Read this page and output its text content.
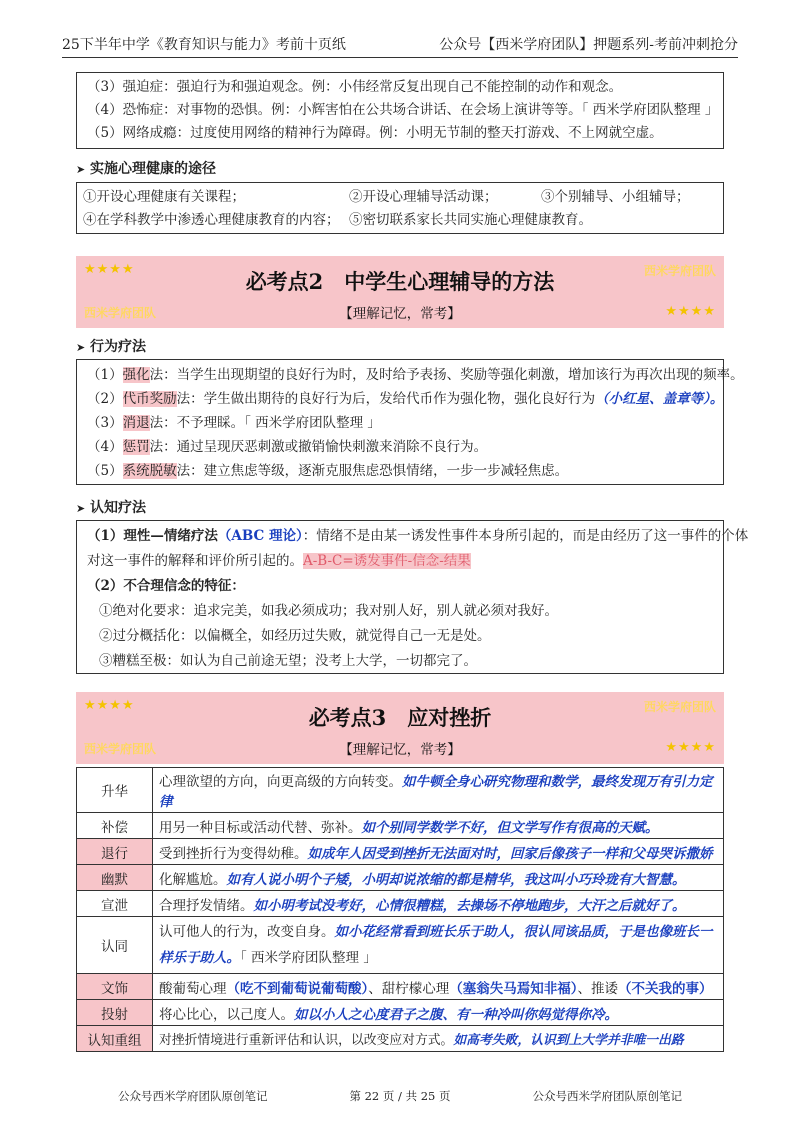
25下半年中学《教育知识与能力》考前十页纸	公众号【西米学府团队】押题系列-考前冲刺抢分
（3）强迫症：强迫行为和强迫观念。例：小伟经常反复出现自己不能控制的动作和观念。
（4）恐怖症：对事物的恐惧。例：小辉害怕在公共场合讲话、在会场上演讲等等。「 西米学府团队整理 」
（5）网络成瘾：过度使用网络的精神行为障碍。例：小明无节制的整天打游戏、不上网就空虚。
➤ 实施心理健康的途径
①开设心理健康有关课程；	②开设心理辅导活动课；	③个别辅导、小组辅导；
④在学科教学中渗透心理健康教育的内容； ⑤密切联系家长共同实施心理健康教育。
★★★★	西米学府团队
必考点2　中学生心理辅导的方法
【理解记忆，常考】
西米学府团队	★★★★
➤ 行为疗法
（1）强化法：当学生出现期望的良好行为时，及时给予表扬、奖励等强化刺激，增加该行为再次出现的频率。
（2）代币奖励法：学生做出期待的良好行为后，发给代币作为强化物，强化良好行为（小红星、盖章等）。
（3）消退法：不予理睬。「 西米学府团队整理 」
（4）惩罚法：通过呈现厌恶刺激或撤销愉快刺激来消除不良行为。
（5）系统脱敏法：建立焦虑等级，逐渐克服焦虑恐惧情绪，一步一步减轻焦虑。
➤ 认知疗法
（1）理性—情绪疗法（ABC 理论）：情绪不是由某一诱发性事件本身所引起的，而是由经历了这一事件的个体
对这一事件的解释和评价所引起的。A-B-C=诱发事件-信念-结果
（2）不合理信念的特征：
①绝对化要求：追求完美，如我必须成功；我对别人好，别人就必须对我好。
②过分概括化：以偏概全，如经历过失败，就觉得自己一无是处。
③糟糕至极：如认为自己前途无望；没考上大学，一切都完了。
★★★★	西米学府团队
必考点3　应对挫折
【理解记忆，常考】
西米学府团队	★★★★
升华	心理欲望的方向，向更高级的方向转变。如牛顿全身心研究物理和数学，最终发现万有引力定律
补偿	用另一种目标或活动代替、弥补。如个别同学数学不好，但文学写作有很高的天赋。
退行	受到挫折行为变得幼稚。如成年人因受到挫折无法面对时，回家后像孩子一样和父母哭诉撒娇
幽默	化解尴尬。如有人说小明个子矮，小明却说浓缩的都是精华，我这叫小巧玲珑有大智慧。
宣泄	合理抒发情绪。如小明考试没考好，心情很糟糕，去操场不停地跑步，大汗之后就好了。
认同	认可他人的行为，改变自身。如小花经常看到班长乐于助人，很认同该品质，于是也像班长一样乐于助人。「 西米学府团队整理 」
文饰	酸葡萄心理（吃不到葡萄说葡萄酸）、甜柠檬心理（塞翁失马焉知非福）、推诿（不关我的事）
投射	将心比心，以己度人。如以小人之心度君子之腹、有一种冷叫你妈觉得你冷。
认知重组	对挫折情境进行重新评估和认识，以改变应对方式。如高考失败，认识到上大学并非唯一出路
公众号西米学府团队原创笔记	第 22 页 / 共 25 页	公众号西米学府团队原创笔记
